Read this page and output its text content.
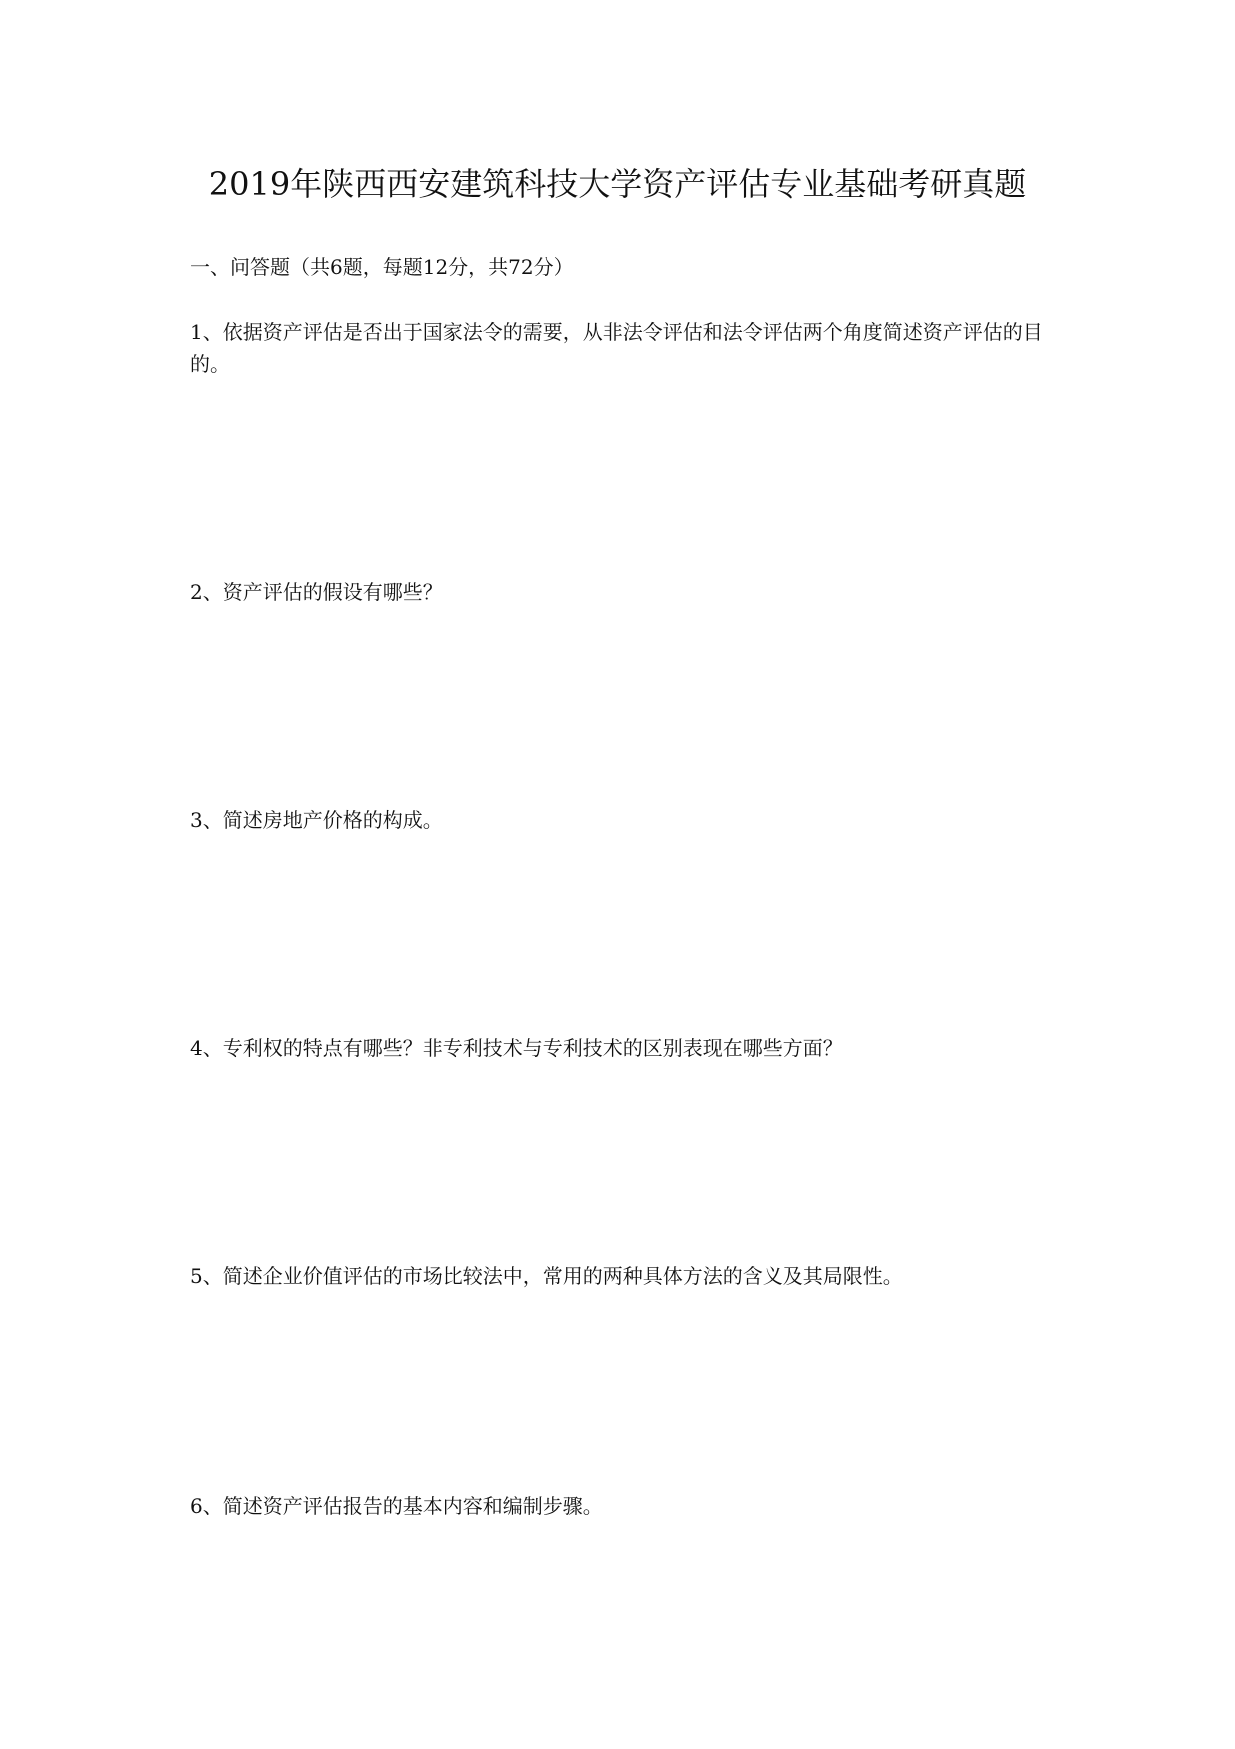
2019年陕西西安建筑科技大学资产评估专业基础考研真题
一、问答题（共6题，每题12分，共72分）
1、依据资产评估是否出于国家法令的需要，从非法令评估和法令评估两个角度简述资产评估的目的。
2、资产评估的假设有哪些？
3、简述房地产价格的构成。
4、专利权的特点有哪些？非专利技术与专利技术的区别表现在哪些方面？
5、简述企业价值评估的市场比较法中，常用的两种具体方法的含义及其局限性。
6、简述资产评估报告的基本内容和编制步骤。
